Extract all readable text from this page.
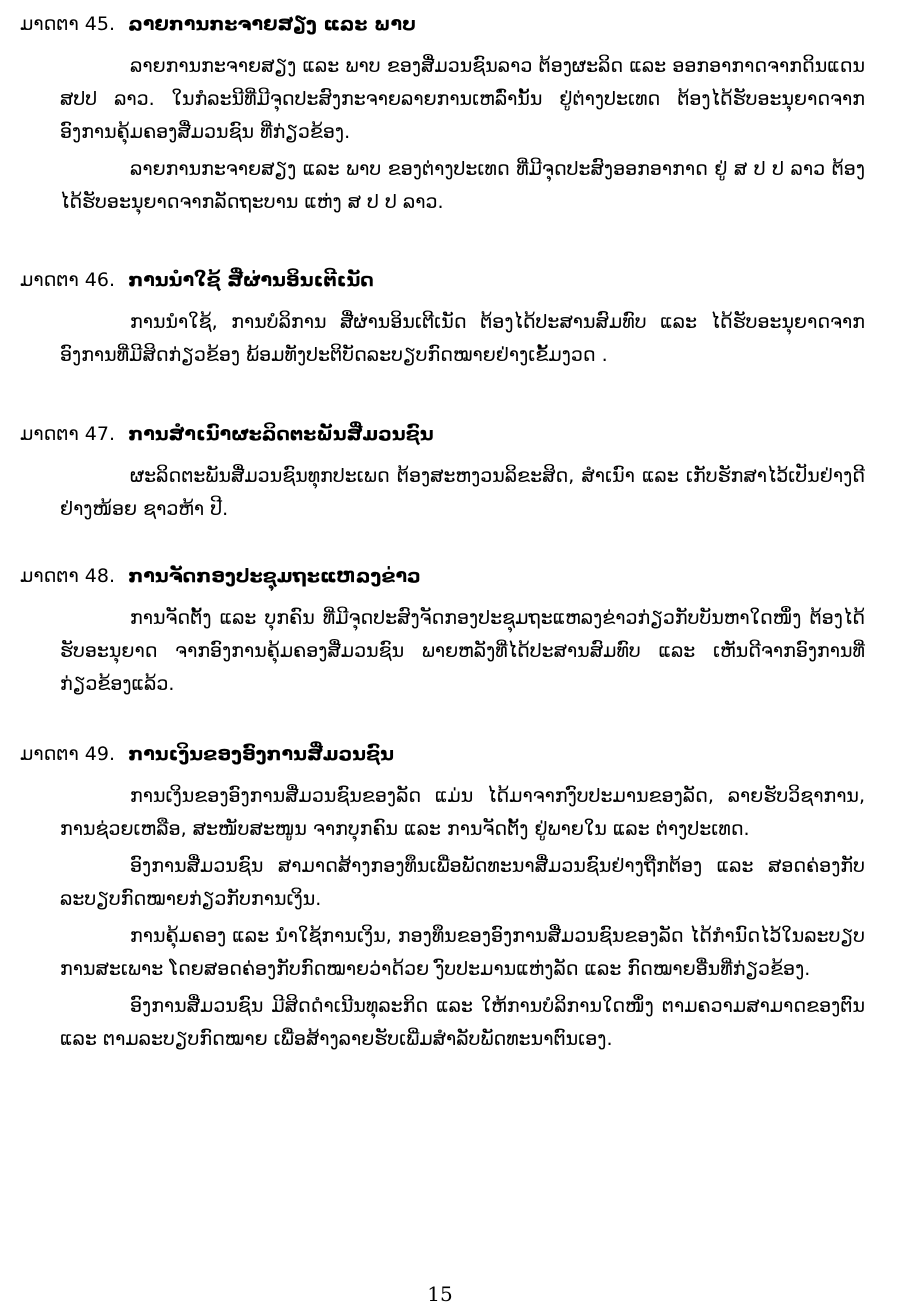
ມາດຕາ 45. ລາຍການກະຈາຍສຽງ ແລະ ພາບ

ລາຍການກະຈາຍສຽງ ແລະ ພາບ ຂອງສື່ມວນຊົນລາວ ຕ້ອງຜະລິດ ແລະ ອອກອາກາດຈາກດິນແດນ ສປປ ລາວ. ໃນກໍລະນີທີ່ມີຈຸດປະສົງກະຈາຍລາຍການເຫລົ່ານັ້ນ ຢູ່ຕ່າງປະເທດ ຕ້ອງໄດ້ຮັບອະນຸຍາດຈາກອົງການຄຸ້ມຄອງສື່ມວນຊົນ ທີ່ກ່ຽວຂ້ອງ.

ລາຍການກະຈາຍສຽງ ແລະ ພາບ ຂອງຕ່າງປະເທດ ທີ່ມີຈຸດປະສົງອອກອາກາດ ຢູ່ ສ ປ ປ ລາວ ຕ້ອງໄດ້ຮັບອະນຸຍາດຈາກລັດຖະບານ ແຫ່ງ ສ ປ ປ ລາວ.

ມາດຕາ 46. ການນຳໃຊ້ ສື່ຜ່ານອິນເຕີເນັດ

ການນຳໃຊ້, ການບໍລິການ ສື່ຜ່ານອິນເຕີເນັດ ຕ້ອງໄດ້ປະສານສົມທົບ ແລະ ໄດ້ຮັບອະນຸຍາດຈາກອົງການທີ່ມີສິດກ່ຽວຂ້ອງ ພ້ອມທັງປະຕິບັດລະບຽບກົດໝາຍຢ່າງເຂັ້ມງວດ .

ມາດຕາ 47. ການສຳເນົາຜະລິດຕະພັນສື່ມວນຊົນ

ຜະລິດຕະພັນສື່ມວນຊົນທຸກປະເພດ ຕ້ອງສະຫງວນລິຂະສິດ, ສຳເນົາ ແລະ ເກັບຮັກສາໄວ້ເປັນຢ່າງດີ ຢ່າງໜ້ອຍ ຊາວຫ້າ ປີ.

ມາດຕາ 48. ການຈັດກອງປະຊຸມຖະແຫລງຂ່າວ

ການຈັດຕັ້ງ ແລະ ບຸກຄົນ ທີ່ມີຈຸດປະສົງຈັດກອງປະຊຸມຖະແຫລງຂ່າວກ່ຽວກັບບັນຫາໃດໜຶ່ງ ຕ້ອງໄດ້ຮັບອະນຸຍາດ ຈາກອົງການຄຸ້ມຄອງສື່ມວນຊົນ ພາຍຫລັງທີ່ໄດ້ປະສານສົມທົບ ແລະ ເຫັນດີຈາກອົງການທີ່ກ່ຽວຂ້ອງແລ້ວ.

ມາດຕາ 49. ການເງິນຂອງອົງການສື່ມວນຊົນ

ການເງິນຂອງອົງການສື່ມວນຊົນຂອງລັດ ແມ່ນ ໄດ້ມາຈາກງົບປະມານຂອງລັດ, ລາຍຮັບວິຊາການ, ການຊ່ວຍເຫລືອ, ສະໜັບສະໜູນ ຈາກບຸກຄົນ ແລະ ການຈັດຕັ້ງ ຢູ່ພາຍໃນ ແລະ ຕ່າງປະເທດ.

ອົງການສື່ມວນຊົນ ສາມາດສ້າງກອງທຶນເພື່ອພັດທະນາສື່ມວນຊົນຢ່າງຖືກຕ້ອງ ແລະ ສອດຄ່ອງກັບລະບຽບກົດໝາຍກ່ຽວກັບການເງິນ.

ການຄຸ້ມຄອງ ແລະ ນຳໃຊ້ການເງິນ, ກອງທຶນຂອງອົງການສື່ມວນຊົນຂອງລັດ ໄດ້ກຳນົດໄວ້ໃນລະບຽບການສະເພາະ ໂດຍສອດຄ່ອງກັບກົດໝາຍວ່າດ້ວຍ ງົບປະມານແຫ່ງລັດ ແລະ ກົດໝາຍອື່ນທີ່ກ່ຽວຂ້ອງ.

ອົງການສື່ມວນຊົນ ມີສິດດຳເນີນທຸລະກິດ ແລະ ໃຫ້ການບໍລິການໃດໜຶ່ງ ຕາມຄວາມສາມາດຂອງຕົນ ແລະ ຕາມລະບຽບກົດໝາຍ ເພື່ອສ້າງລາຍຮັບເພີ່ມສຳລັບພັດທະນາຕົນເອງ.

15
